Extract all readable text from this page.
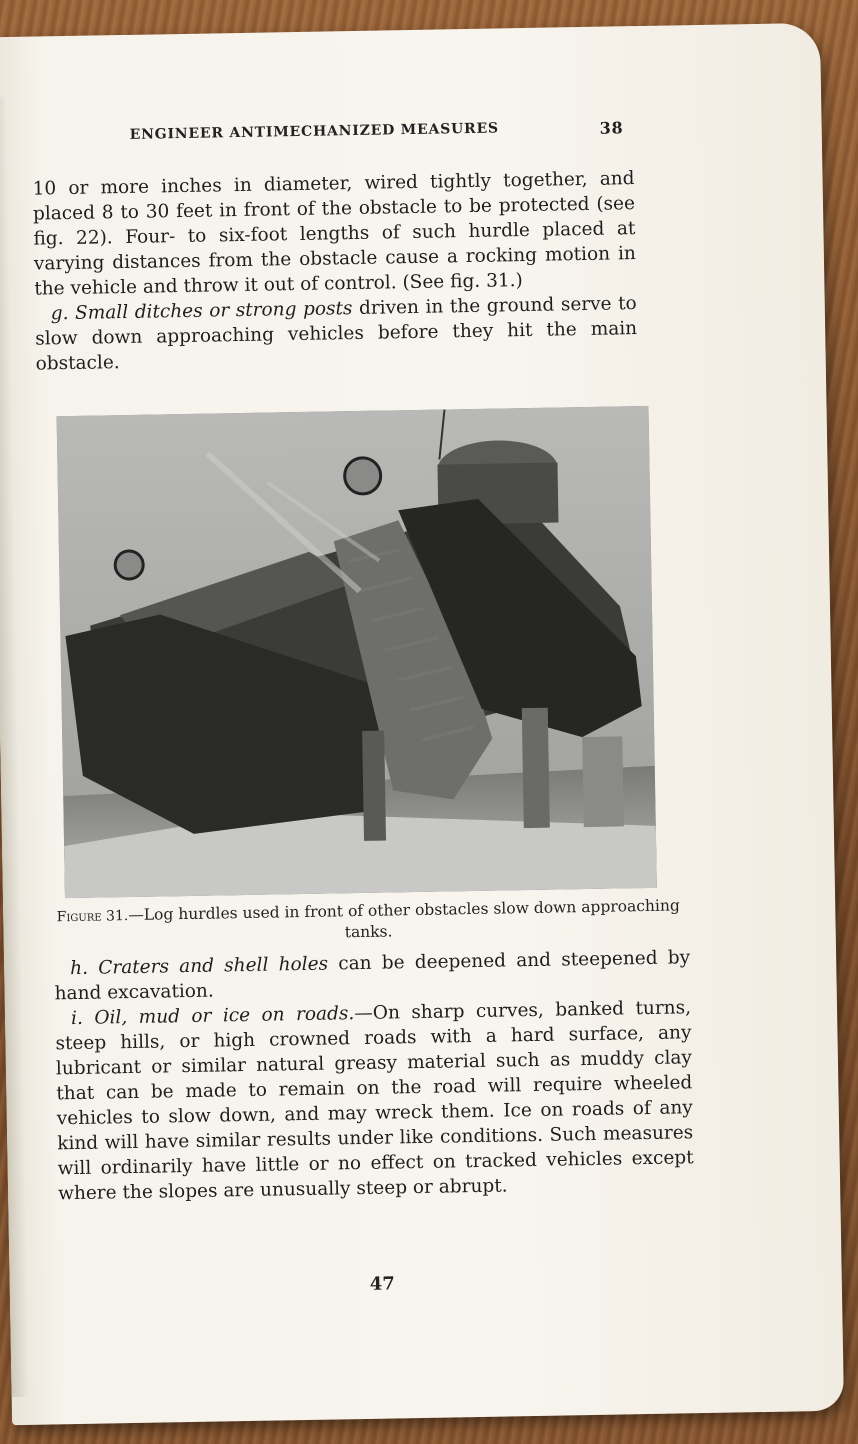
ENGINEER ANTIMECHANIZED MEASURES	38

10 or more inches in diameter, wired tightly together, and placed 8 to 30 feet in front of the obstacle to be protected (see fig. 22). Four- to six-foot lengths of such hurdle placed at varying distances from the obstacle cause a rocking motion in the vehicle and throw it out of control. (See fig. 31.)

g. Small ditches or strong posts driven in the ground serve to slow down approaching vehicles before they hit the main obstacle.

Figure 31.—Log hurdles used in front of other obstacles slow down approaching tanks.

h. Craters and shell holes can be deepened and steepened by hand excavation.

i. Oil, mud or ice on roads.—On sharp curves, banked turns, steep hills, or high crowned roads with a hard surface, any lubricant or similar natural greasy material such as muddy clay that can be made to remain on the road will require wheeled vehicles to slow down, and may wreck them. Ice on roads of any kind will have similar results under like conditions. Such measures will ordinarily have little or no effect on tracked vehicles except where the slopes are unusually steep or abrupt.

47
